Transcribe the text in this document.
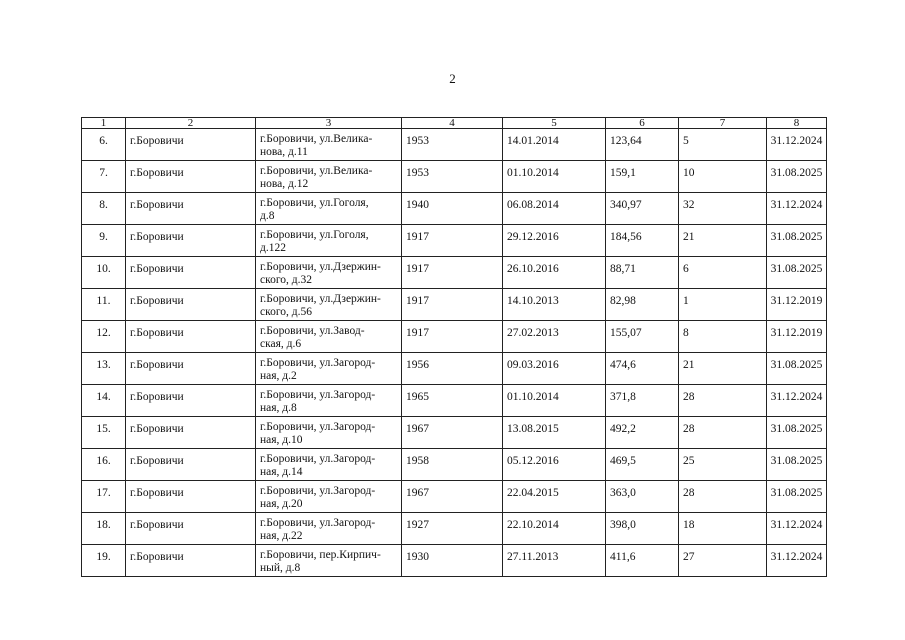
2
1	2	3	4	5	6	7	8

6.	г.Боровичи	г.Боровичи, ул.Велика-
нова, д.11	1953	14.01.2014	123,64	5	31.12.2024

7.	г.Боровичи	г.Боровичи, ул.Велика-
нова, д.12	1953	01.10.2014	159,1	10	31.08.2025

8.	г.Боровичи	г.Боровичи, ул.Гоголя,
д.8	1940	06.08.2014	340,97	32	31.12.2024

9.	г.Боровичи	г.Боровичи, ул.Гоголя,
д.122	1917	29.12.2016	184,56	21	31.08.2025

10.	г.Боровичи	г.Боровичи, ул.Дзержин-
ского, д.32	1917	26.10.2016	88,71	6	31.08.2025

11.	г.Боровичи	г.Боровичи, ул.Дзержин-
ского, д.56	1917	14.10.2013	82,98	1	31.12.2019

12.	г.Боровичи	г.Боровичи, ул.Завод-
ская, д.6	1917	27.02.2013	155,07	8	31.12.2019

13.	г.Боровичи	г.Боровичи, ул.Загород-
ная, д.2	1956	09.03.2016	474,6	21	31.08.2025

14.	г.Боровичи	г.Боровичи, ул.Загород-
ная, д.8	1965	01.10.2014	371,8	28	31.12.2024

15.	г.Боровичи	г.Боровичи, ул.Загород-
ная, д.10	1967	13.08.2015	492,2	28	31.08.2025

16.	г.Боровичи	г.Боровичи, ул.Загород-
ная, д.14	1958	05.12.2016	469,5	25	31.08.2025

17.	г.Боровичи	г.Боровичи, ул.Загород-
ная, д.20	1967	22.04.2015	363,0	28	31.08.2025

18.	г.Боровичи	г.Боровичи, ул.Загород-
ная, д.22	1927	22.10.2014	398,0	18	31.12.2024

19.	г.Боровичи	г.Боровичи, пер.Кирпич-
ный, д.8	1930	27.11.2013	411,6	27	31.12.2024
